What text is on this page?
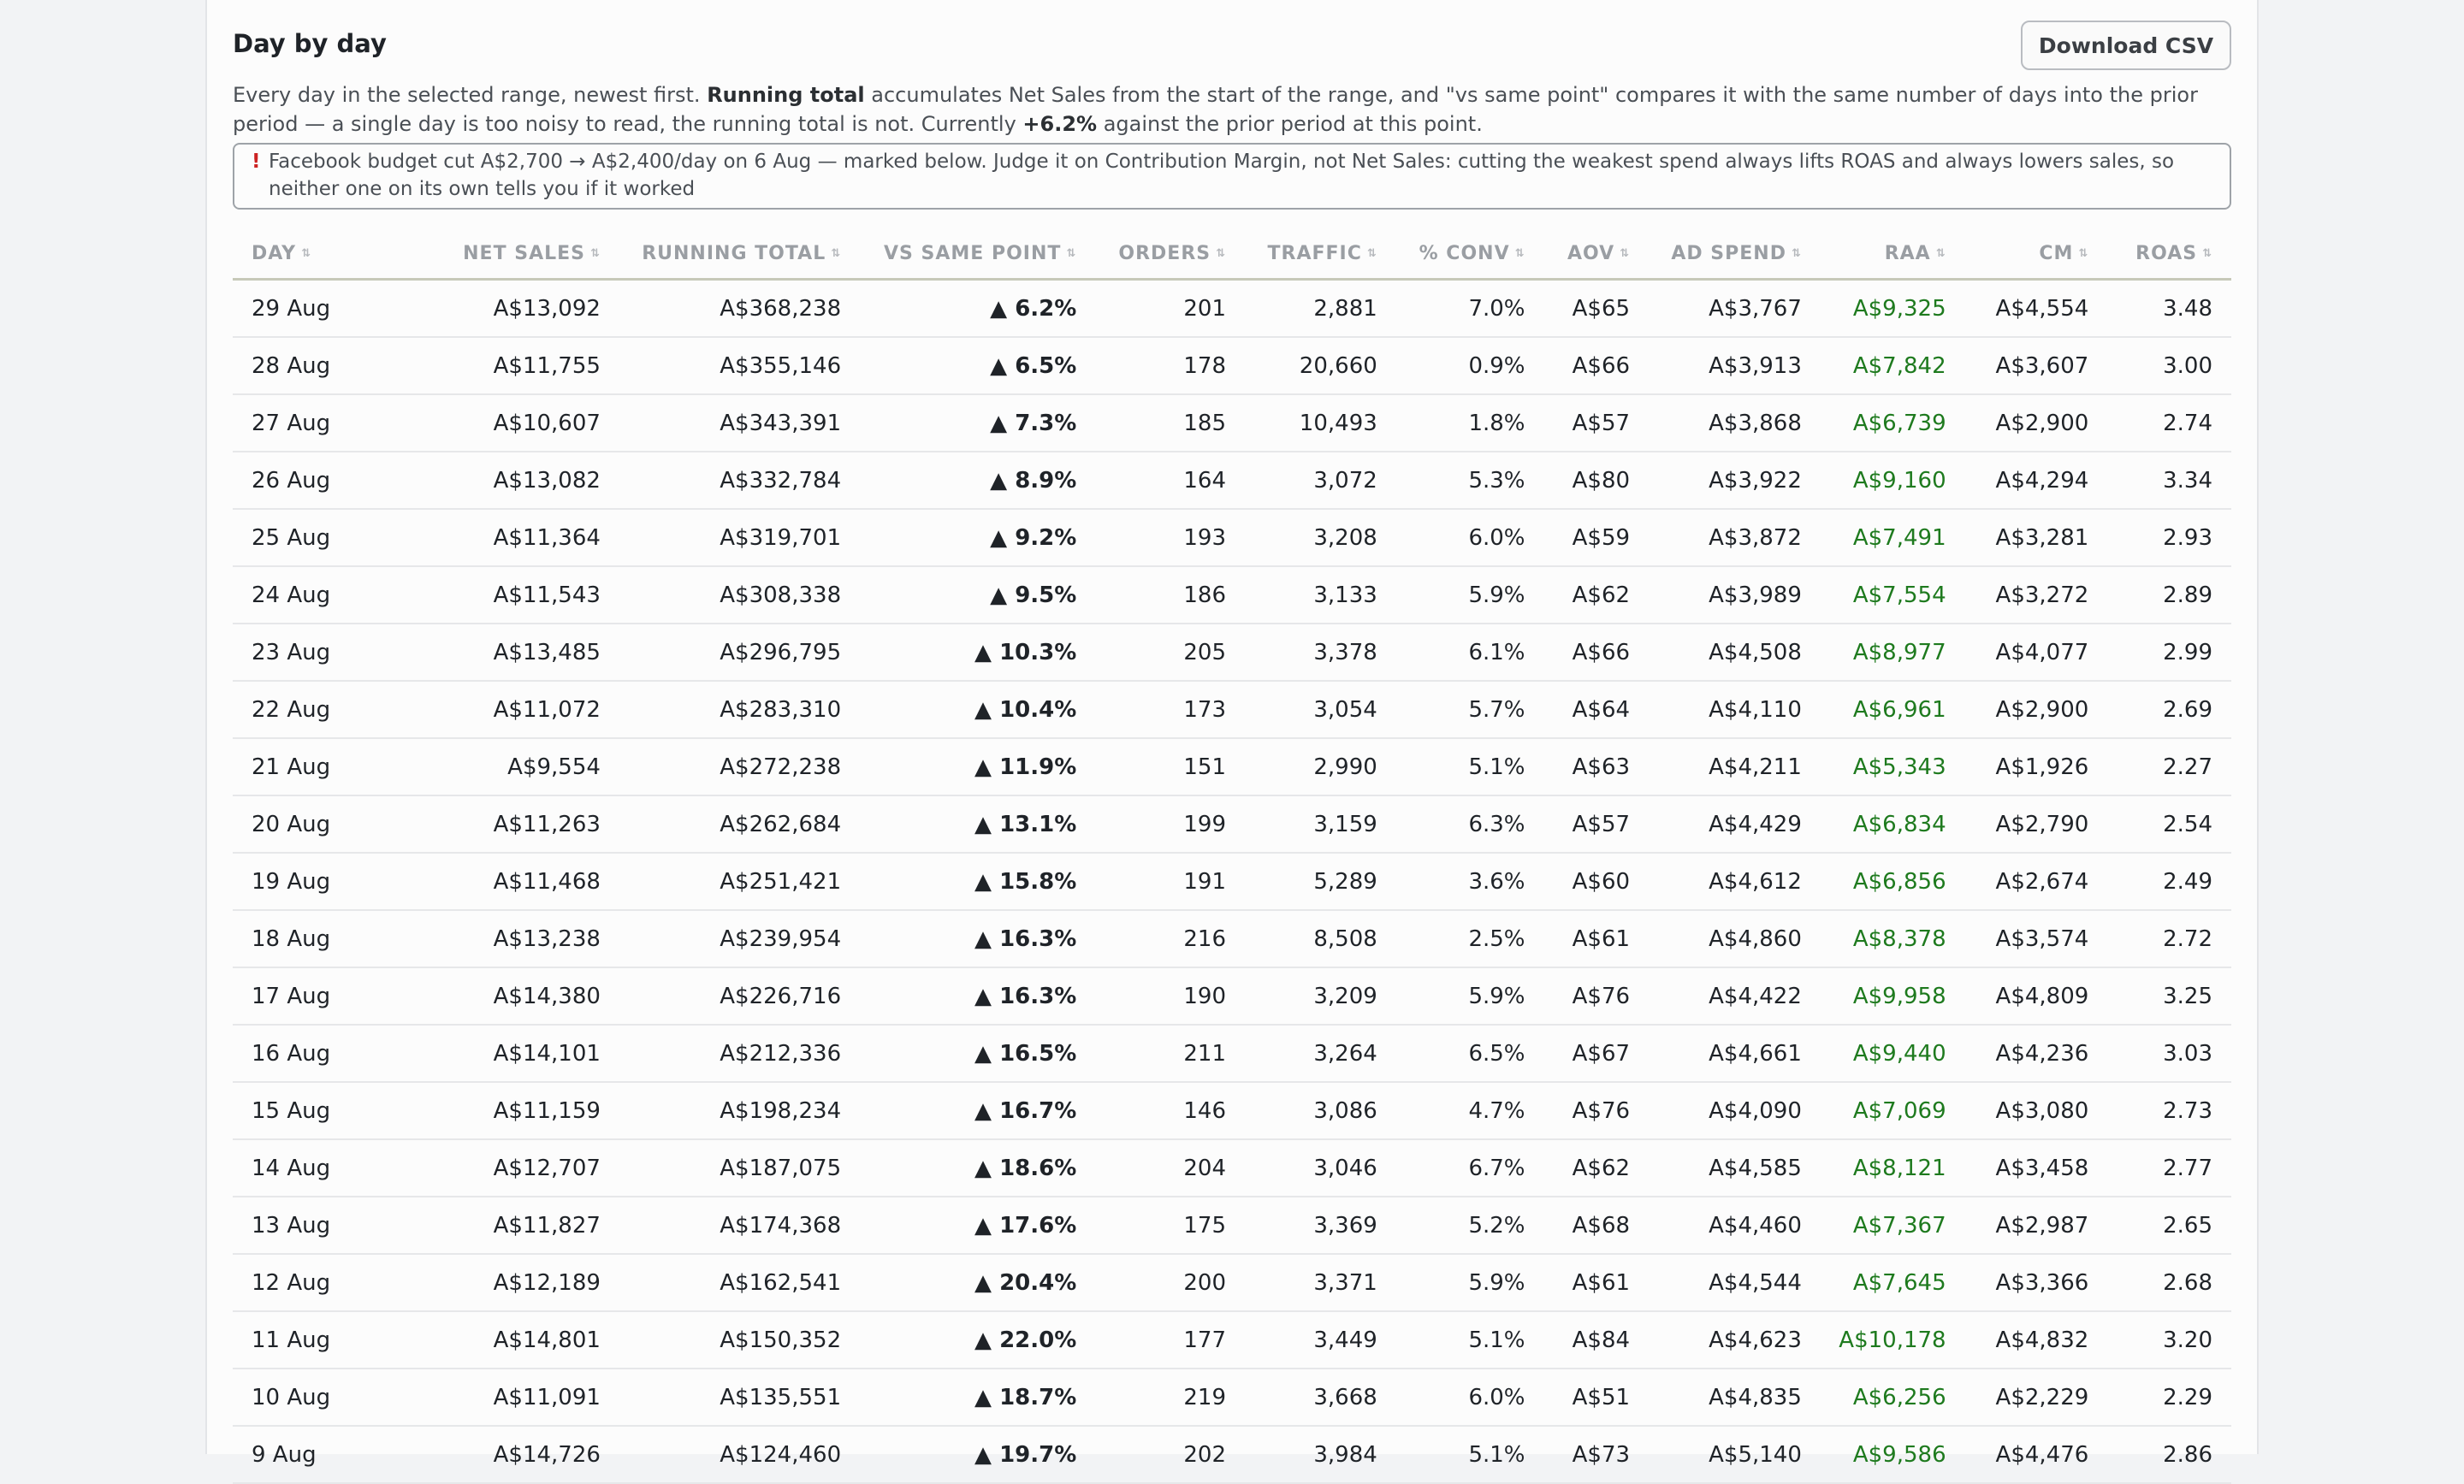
Day by day	Download CSV
Every day in the selected range, newest first. Running total accumulates Net Sales from the start of the range, and "vs same point" compares it with the same number of days into the prior period — a single day is too noisy to read, the running total is not. Currently +6.2% against the prior period at this point.
! Facebook budget cut A$2,700 → A$2,400/day on 6 Aug — marked below. Judge it on Contribution Margin, not Net Sales: cutting the weakest spend always lifts ROAS and always lowers sales, so neither one on its own tells you if it worked
DAY ⇅	NET SALES ⇅	RUNNING TOTAL ⇅	VS SAME POINT ⇅	ORDERS ⇅	TRAFFIC ⇅	% CONV ⇅	AOV ⇅	AD SPEND ⇅	RAA ⇅	CM ⇅	ROAS ⇅
29 Aug	A$13,092	A$368,238	▲ 6.2%	201	2,881	7.0%	A$65	A$3,767	A$9,325	A$4,554	3.48
28 Aug	A$11,755	A$355,146	▲ 6.5%	178	20,660	0.9%	A$66	A$3,913	A$7,842	A$3,607	3.00
27 Aug	A$10,607	A$343,391	▲ 7.3%	185	10,493	1.8%	A$57	A$3,868	A$6,739	A$2,900	2.74
26 Aug	A$13,082	A$332,784	▲ 8.9%	164	3,072	5.3%	A$80	A$3,922	A$9,160	A$4,294	3.34
25 Aug	A$11,364	A$319,701	▲ 9.2%	193	3,208	6.0%	A$59	A$3,872	A$7,491	A$3,281	2.93
24 Aug	A$11,543	A$308,338	▲ 9.5%	186	3,133	5.9%	A$62	A$3,989	A$7,554	A$3,272	2.89
23 Aug	A$13,485	A$296,795	▲ 10.3%	205	3,378	6.1%	A$66	A$4,508	A$8,977	A$4,077	2.99
22 Aug	A$11,072	A$283,310	▲ 10.4%	173	3,054	5.7%	A$64	A$4,110	A$6,961	A$2,900	2.69
21 Aug	A$9,554	A$272,238	▲ 11.9%	151	2,990	5.1%	A$63	A$4,211	A$5,343	A$1,926	2.27
20 Aug	A$11,263	A$262,684	▲ 13.1%	199	3,159	6.3%	A$57	A$4,429	A$6,834	A$2,790	2.54
19 Aug	A$11,468	A$251,421	▲ 15.8%	191	5,289	3.6%	A$60	A$4,612	A$6,856	A$2,674	2.49
18 Aug	A$13,238	A$239,954	▲ 16.3%	216	8,508	2.5%	A$61	A$4,860	A$8,378	A$3,574	2.72
17 Aug	A$14,380	A$226,716	▲ 16.3%	190	3,209	5.9%	A$76	A$4,422	A$9,958	A$4,809	3.25
16 Aug	A$14,101	A$212,336	▲ 16.5%	211	3,264	6.5%	A$67	A$4,661	A$9,440	A$4,236	3.03
15 Aug	A$11,159	A$198,234	▲ 16.7%	146	3,086	4.7%	A$76	A$4,090	A$7,069	A$3,080	2.73
14 Aug	A$12,707	A$187,075	▲ 18.6%	204	3,046	6.7%	A$62	A$4,585	A$8,121	A$3,458	2.77
13 Aug	A$11,827	A$174,368	▲ 17.6%	175	3,369	5.2%	A$68	A$4,460	A$7,367	A$2,987	2.65
12 Aug	A$12,189	A$162,541	▲ 20.4%	200	3,371	5.9%	A$61	A$4,544	A$7,645	A$3,366	2.68
11 Aug	A$14,801	A$150,352	▲ 22.0%	177	3,449	5.1%	A$84	A$4,623	A$10,178	A$4,832	3.20
10 Aug	A$11,091	A$135,551	▲ 18.7%	219	3,668	6.0%	A$51	A$4,835	A$6,256	A$2,229	2.29
9 Aug	A$14,726	A$124,460	▲ 19.7%	202	3,984	5.1%	A$73	A$5,140	A$9,586	A$4,476	2.86
